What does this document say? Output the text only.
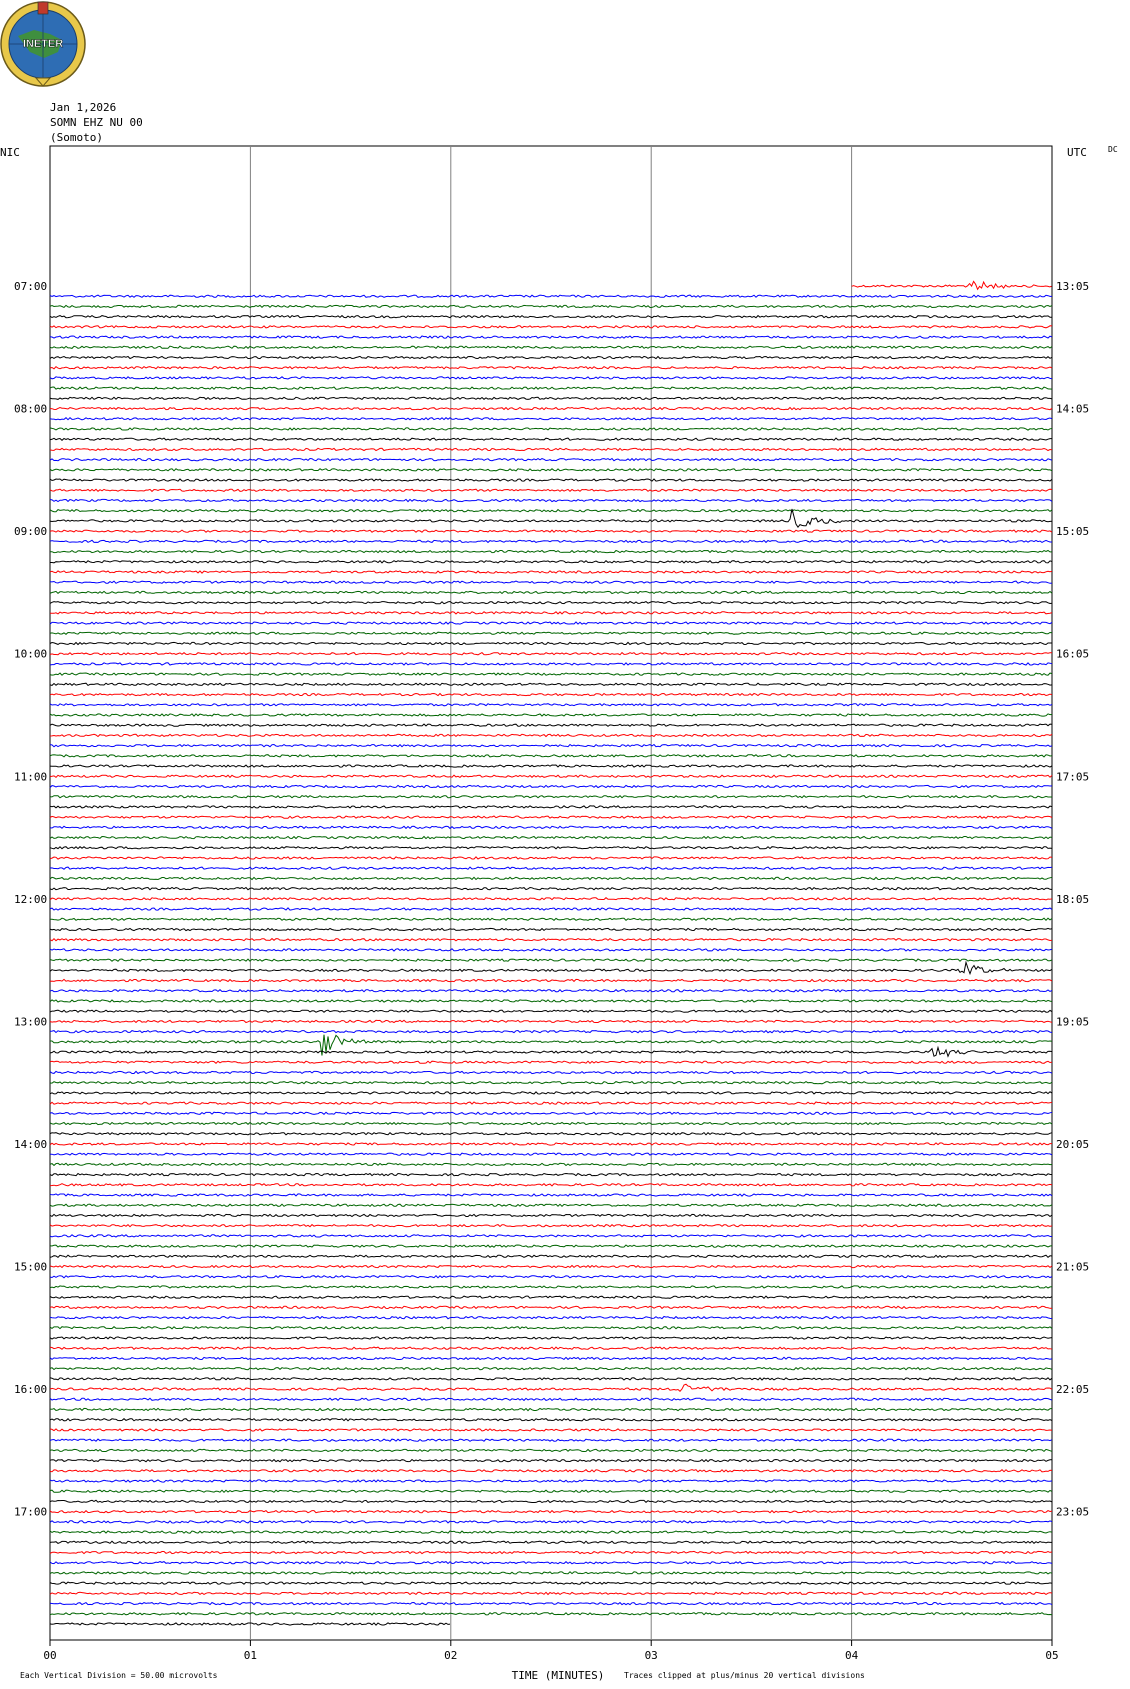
INETER
Jan 1,2026
SOMN EHZ NU 00
(Somoto)
NIC	UTC	DC
07:00
08:00
09:00
10:00
11:00
12:00
13:00
14:00
15:00
16:00
17:00
13:05
14:05
15:05
16:05
17:05
18:05
19:05
20:05
21:05
22:05
23:05
00	01	02	03	04	05
Each Vertical Division = 50.00 microvolts	TIME (MINUTES) Traces clipped at plus/minus 20 vertical divisions
